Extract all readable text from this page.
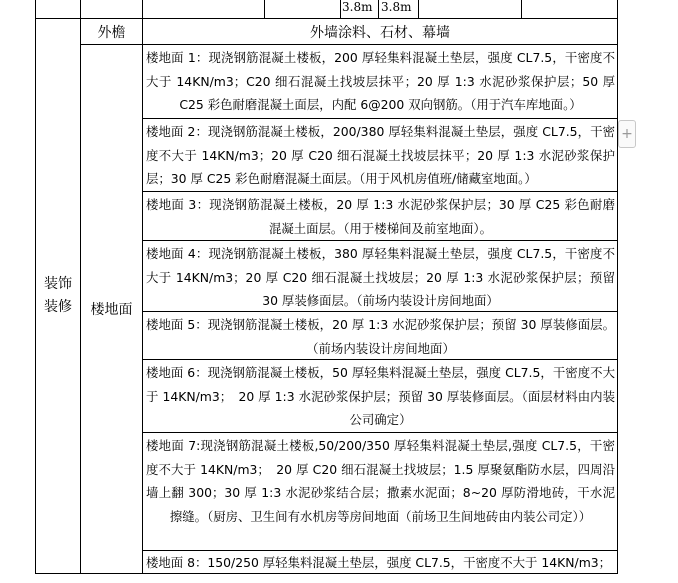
3.8m 3.8m
装饰装修
外檐	外墙涂料、石材、幕墙
楼地面
楼地面 1：现浇钢筋混凝土楼板，200 厚轻集料混凝土垫层，强度 CL7.5，干密度不大于 14KN/m3；C20 细石混凝土找坡层抹平；20 厚 1:3 水泥砂浆保护层；50 厚 C25 彩色耐磨混凝土面层，内配 6@200 双向钢筋。（用于汽车库地面。）
楼地面 2：现浇钢筋混凝土楼板，200/380 厚轻集料混凝土垫层，强度 CL7.5，干密度不大于 14KN/m3；20 厚 C20 细石混凝土找坡层抹平；20 厚 1:3 水泥砂浆保护层；30 厚 C25 彩色耐磨混凝土面层。（用于风机房值班/储藏室地面。）
楼地面 3：现浇钢筋混凝土楼板，20 厚 1:3 水泥砂浆保护层；30 厚 C25 彩色耐磨混凝土面层。（用于楼梯间及前室地面）。
楼地面 4：现浇钢筋混凝土楼板，380 厚轻集料混凝土垫层，强度 CL7.5，干密度不大于 14KN/m3；20 厚 C20 细石混凝土找坡层；20 厚 1:3 水泥砂浆保护层；预留 30 厚装修面层。（前场内装设计房间地面）
楼地面 5：现浇钢筋混凝土楼板，20 厚 1:3 水泥砂浆保护层；预留 30 厚装修面层。（前场内装设计房间地面）
楼地面 6：现浇钢筋混凝土楼板，50 厚轻集料混凝土垫层，强度 CL7.5，干密度不大于 14KN/m3；　20 厚 1:3 水泥砂浆保护层；预留 30 厚装修面层。（面层材料由内装公司确定）
楼地面 7:现浇钢筋混凝土楼板,50/200/350 厚轻集料混凝土垫层,强度 CL7.5，干密度不大于 14KN/m3；　20 厚 C20 细石混凝土找坡层；1.5 厚聚氨酯防水层，四周沿墙上翻 300；30 厚 1:3 水泥砂浆结合层；撒素水泥面；8~20 厚防滑地砖，干水泥擦缝。（厨房、卫生间有水机房等房间地面（前场卫生间地砖由内装公司定））
楼地面 8：150/250 厚轻集料混凝土垫层，强度 CL7.5，干密度不大于 14KN/m3；
+
